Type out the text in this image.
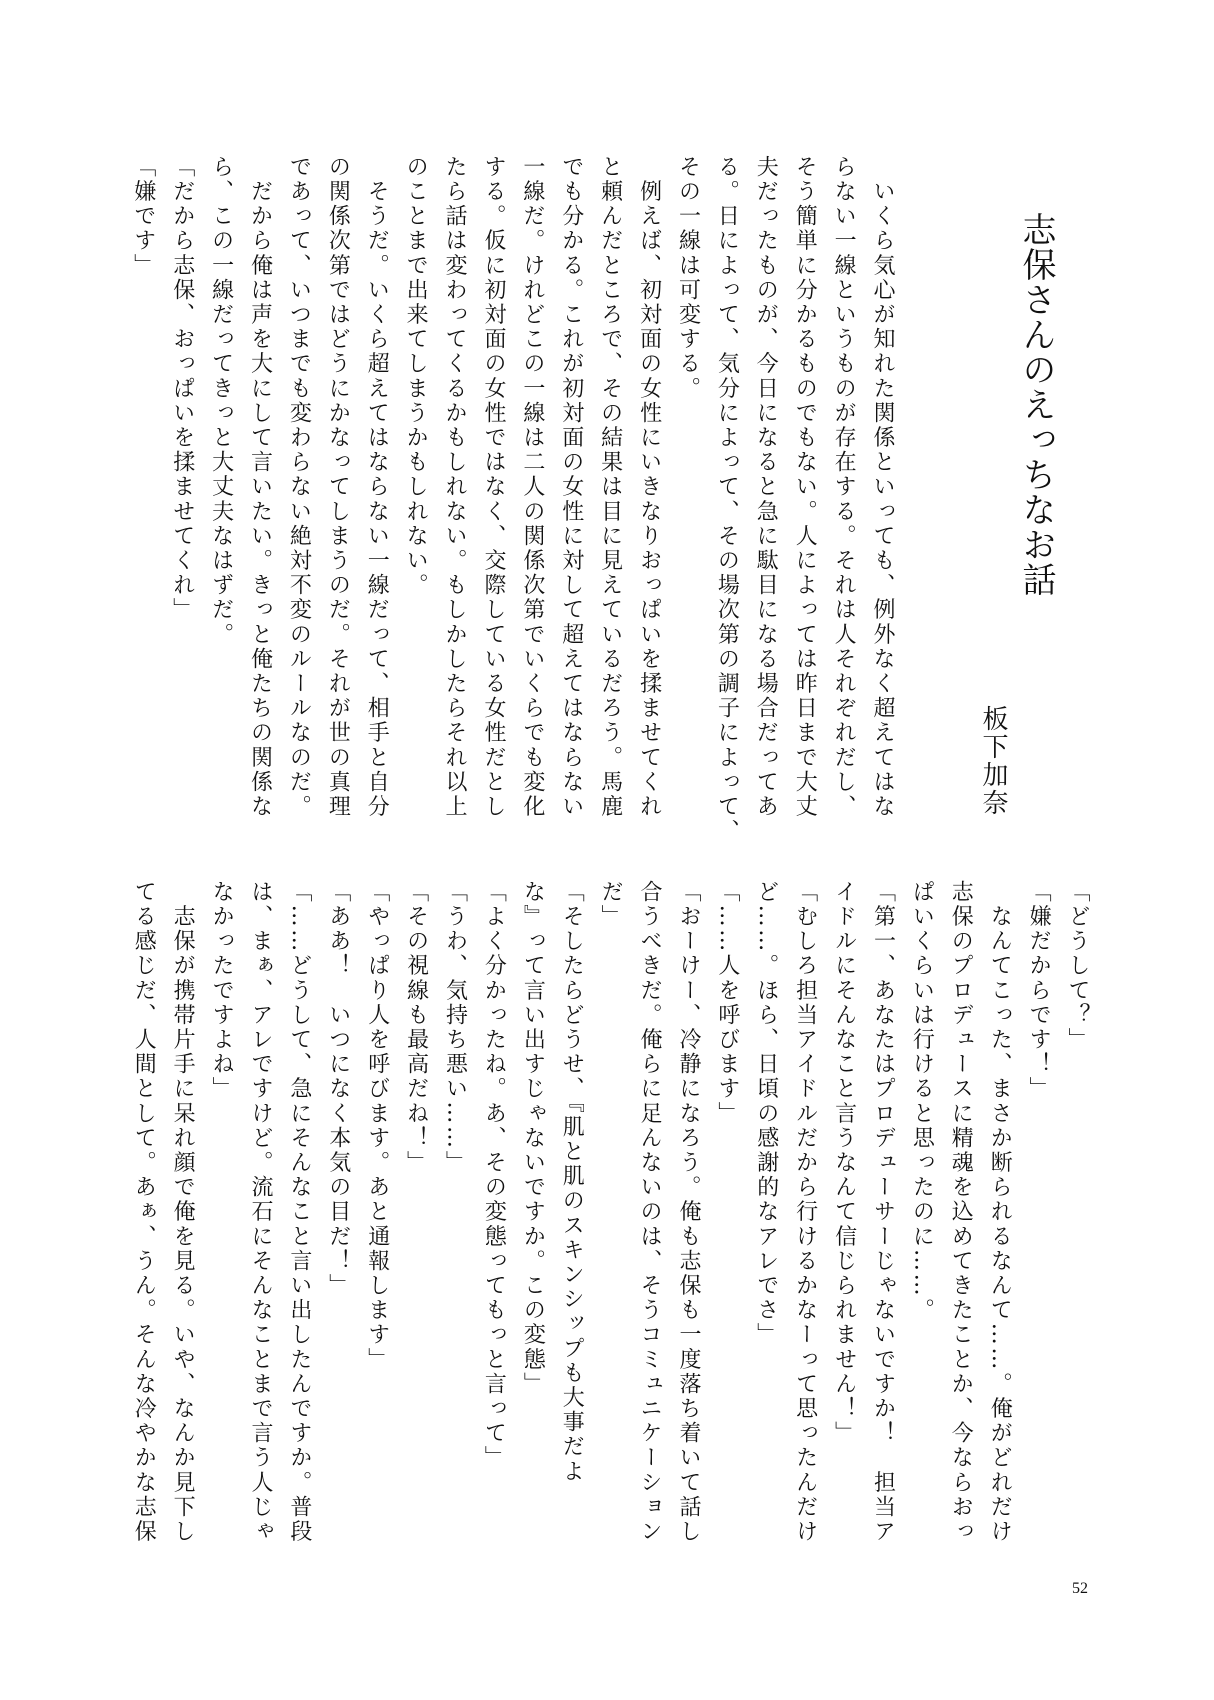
志保さんのえっちなお話
板下加奈
　いくら気心が知れた関係といっても、例外なく超えてはな
らない一線というものが存在する。それは人それぞれだし、
そう簡単に分かるものでもない。人によっては昨日まで大丈
夫だったものが、今日になると急に駄目になる場合だってあ
る。日によって、気分によって、その場次第の調子によって、
その一線は可変する。
　例えば、初対面の女性にいきなりおっぱいを揉ませてくれ
と頼んだところで、その結果は目に見えているだろう。馬鹿
でも分かる。これが初対面の女性に対して超えてはならない
一線だ。けれどこの一線は二人の関係次第でいくらでも変化
する。仮に初対面の女性ではなく、交際している女性だとし
たら話は変わってくるかもしれない。もしかしたらそれ以上
のことまで出来てしまうかもしれない。
　そうだ。いくら超えてはならない一線だって、相手と自分
の関係次第ではどうにかなってしまうのだ。それが世の真理
であって、いつまでも変わらない絶対不変のルールなのだ。
　だから俺は声を大にして言いたい。きっと俺たちの関係な
ら、この一線だってきっと大丈夫なはずだ。
「だから志保、おっぱいを揉ませてくれ」
「嫌です」
「どうして？」
「嫌だからです！」
　なんてこった、まさか断られるなんて……。俺がどれだけ
志保のプロデュースに精魂を込めてきたことか、今ならおっ
ぱいくらいは行けると思ったのに……。
「第一、あなたはプロデューサーじゃないですか！　担当ア
イドルにそんなこと言うなんて信じられません！」
「むしろ担当アイドルだから行けるかなーって思ったんだけ
ど……。ほら、日頃の感謝的なアレでさ」
「……人を呼びます」
「おーけー、冷静になろう。俺も志保も一度落ち着いて話し
合うべきだ。俺らに足んないのは、そうコミュニケーション
だ」
「そしたらどうせ、『肌と肌のスキンシップも大事だよ
な』って言い出すじゃないですか。この変態」
「よく分かったね。あ、その変態ってもっと言って」
「うわ、気持ち悪い……」
「その視線も最高だね！」
「やっぱり人を呼びます。あと通報します」
「ああ！　いつになく本気の目だ！」
「……どうして、急にそんなこと言い出したんですか。普段
は、まぁ、アレですけど。流石にそんなことまで言う人じゃ
なかったですよね」
　志保が携帯片手に呆れ顔で俺を見る。いや、なんか見下し
てる感じだ、人間として。あぁ、うん。そんな冷やかな志保
52
